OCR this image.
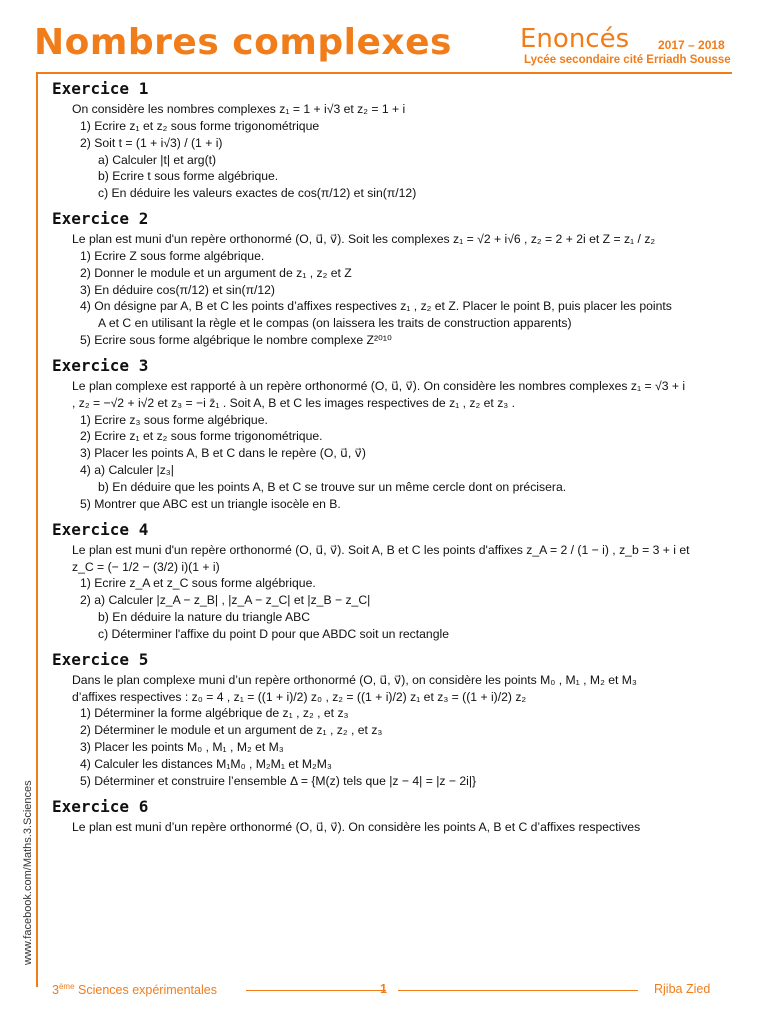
Nombres complexes	Enoncés 2017 – 2018
Lycée secondaire cité Erriadh Sousse
Exercice 1
On considère les nombres complexes z₁ = 1 + i√3 et z₂ = 1 + i
1) Ecrire z₁ et z₂ sous forme trigonométrique
2) Soit t = (1 + i√3) / (1 + i)
a) Calculer |t| et arg(t)
b) Ecrire t sous forme algébrique.
c) En déduire les valeurs exactes de cos(π/12) et sin(π/12)
Exercice 2
Le plan est muni d'un repère orthonormé (O, u⃗, v⃗). Soit les complexes z₁ = √2 + i√6 , z₂ = 2 + 2i et Z = z₁ / z₂
1) Ecrire Z sous forme algébrique.
2) Donner le module et un argument de z₁ , z₂ et Z
3) En déduire cos(π/12) et sin(π/12)
4) On désigne par A, B et C les points d’affixes respectives z₁ , z₂ et Z. Placer le point B, puis placer les points
A et C en utilisant la règle et le compas (on laissera les traits de construction apparents)
5) Ecrire sous forme algébrique le nombre complexe Z²⁰¹⁰
Exercice 3
Le plan complexe est rapporté à un repère orthonormé (O, u⃗, v⃗). On considère les nombres complexes z₁ = √3 + i
, z₂ = −√2 + i√2 et z₃ = −i z̄₁ . Soit A, B et C les images respectives de z₁ , z₂ et z₃ .
1) Ecrire z₃ sous forme algébrique.
2) Ecrire z₁ et z₂ sous forme trigonométrique.
3) Placer les points A, B et C dans le repère (O, u⃗, v⃗)
4) a) Calculer |z₃|
b) En déduire que les points A, B et C se trouve sur un même cercle dont on précisera.
5) Montrer que ABC est un triangle isocèle en B.
Exercice 4
Le plan est muni d'un repère orthonormé (O, u⃗, v⃗). Soit A, B et C les points d'affixes z_A = 2 / (1 − i) , z_b = 3 + i et
z_C = (− 1/2 − (3/2) i)(1 + i)
1) Ecrire z_A et z_C sous forme algébrique.
2) a) Calculer |z_A − z_B| , |z_A − z_C| et |z_B − z_C|
b) En déduire la nature du triangle ABC
c) Déterminer l'affixe du point D pour que ABDC soit un rectangle
Exercice 5
Dans le plan complexe muni d’un repère orthonormé (O, u⃗, v⃗), on considère les points M₀ , M₁ , M₂ et M₃
d’affixes respectives : z₀ = 4 , z₁ = ((1 + i)/2) z₀ , z₂ = ((1 + i)/2) z₁ et z₃ = ((1 + i)/2) z₂
1) Déterminer la forme algébrique de z₁ , z₂ , et z₃
2) Déterminer le module et un argument de z₁ , z₂ , et z₃
3) Placer les points M₀ , M₁ , M₂ et M₃
4) Calculer les distances M₁M₀ , M₂M₁ et M₂M₃
5) Déterminer et construire l’ensemble Δ = {M(z) tels que |z − 4| = |z − 2i|}
Exercice 6
Le plan est muni d’un repère orthonormé (O, u⃗, v⃗). On considère les points A, B et C d’affixes respectives
www.facebook.com/Maths.3.Sciences
3ème Sciences expérimentales	1	Rjiba Zied
